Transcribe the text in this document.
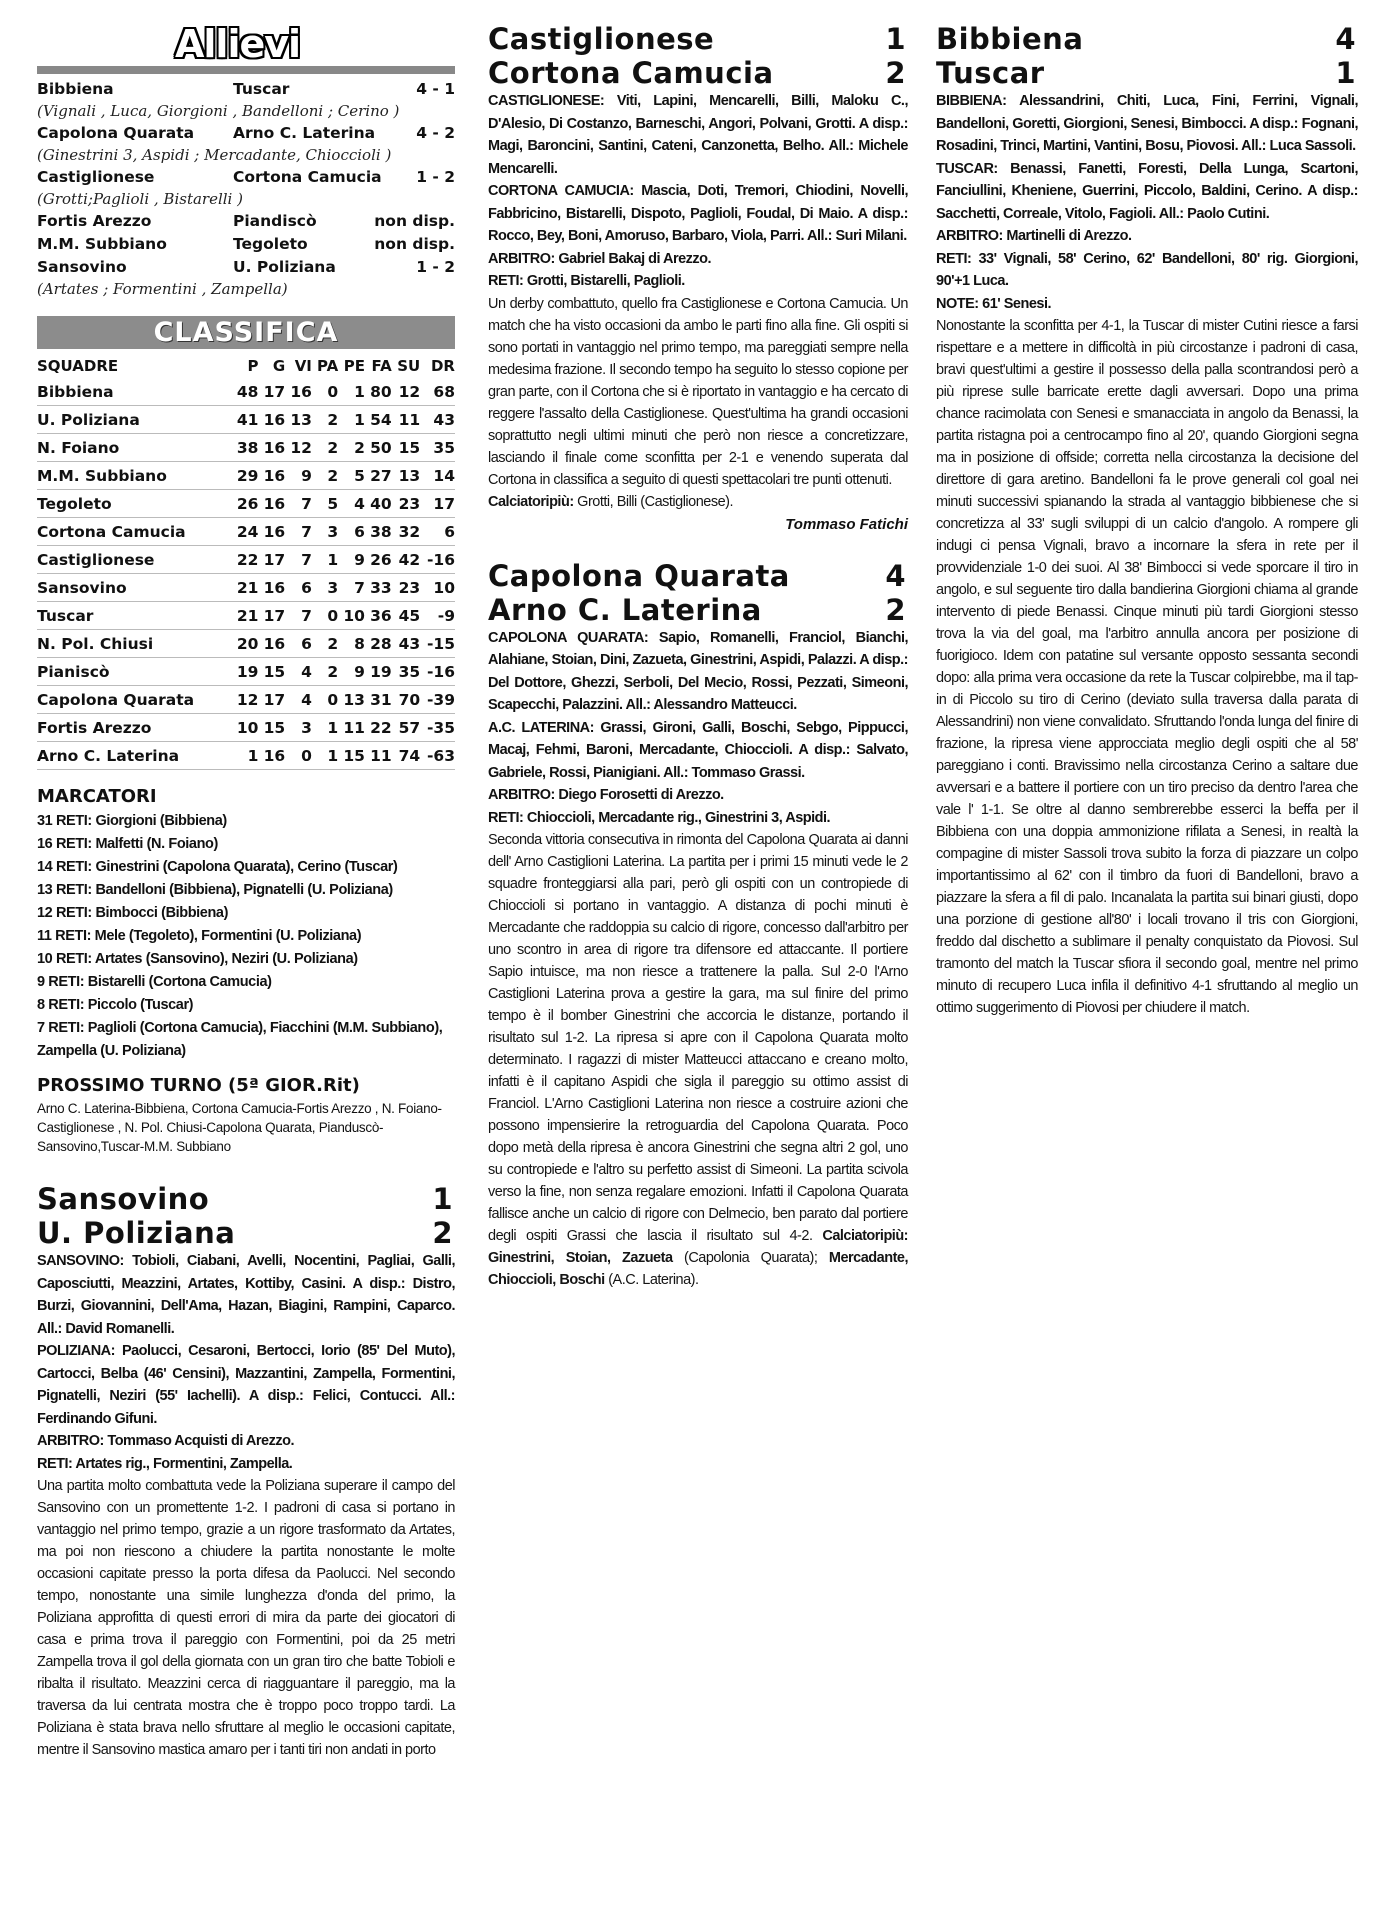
Allievi
Bibbiena	Tuscar	4 - 1
(Vignali , Luca, Giorgioni , Bandelloni ; Cerino )
Capolona Quarata	Arno C. Laterina	4 - 2
(Ginestrini 3, Aspidi ; Mercadante, Chioccioli )
Castiglionese	Cortona Camucia	1 - 2
(Grotti;Paglioli , Bistarelli )
Fortis Arezzo	Piandiscò	non disp.
M.M. Subbiano	Tegoleto	non disp.
Sansovino	U. Poliziana	1 - 2
(Artates ; Formentini , Zampella)
CLASSIFICA
SQUADRE	P	G	VI	PA	PE	FA	SU	DR
Bibbiena	48	17	16	0	1	80	12	68
U. Poliziana	41	16	13	2	1	54	11	43
N. Foiano	38	16	12	2	2	50	15	35
M.M. Subbiano	29	16	9	2	5	27	13	14
Tegoleto	26	16	7	5	4	40	23	17
Cortona Camucia	24	16	7	3	6	38	32	6
Castiglionese	22	17	7	1	9	26	42	-16
Sansovino	21	16	6	3	7	33	23	10
Tuscar	21	17	7	0	10	36	45	-9
N. Pol. Chiusi	20	16	6	2	8	28	43	-15
Pianiscò	19	15	4	2	9	19	35	-16
Capolona Quarata	12	17	4	0	13	31	70	-39
Fortis Arezzo	10	15	3	1	11	22	57	-35
Arno C. Laterina	1	16	0	1	15	11	74	-63
MARCATORI
31 RETI: Giorgioni (Bibbiena)
16 RETI: Malfetti (N. Foiano)
14 RETI: Ginestrini (Capolona Quarata), Cerino (Tuscar)
13 RETI: Bandelloni (Bibbiena), Pignatelli (U. Poliziana)
12 RETI: Bimbocci (Bibbiena)
11 RETI: Mele (Tegoleto), Formentini (U. Poliziana)
10 RETI: Artates (Sansovino), Neziri (U. Poliziana)
9 RETI: Bistarelli (Cortona Camucia)
8 RETI: Piccolo (Tuscar)
7 RETI: Paglioli (Cortona Camucia), Fiacchini (M.M. Subbiano), Zampella (U. Poliziana)
PROSSIMO TURNO (5ª GIOR.Rit)
Arno C. Laterina-Bibbiena, Cortona Camucia-Fortis Arezzo , N. Foiano-Castiglionese , N. Pol. Chiusi-Capolona Quarata, Pianduscò-Sansovino,Tuscar-M.M. Subbiano
Sansovino	1
U. Poliziana	2
SANSOVINO: Tobioli, Ciabani, Avelli, Nocentini, Pagliai, Galli, Caposciutti, Meazzini, Artates, Kottiby, Casini. A disp.: Distro, Burzi, Giovannini, Dell'Ama, Hazan, Biagini, Rampini, Caparco. All.: David Romanelli.
POLIZIANA: Paolucci, Cesaroni, Bertocci, Iorio (85' Del Muto), Cartocci, Belba (46' Censini), Mazzantini, Zampella, Formentini, Pignatelli, Neziri (55' Iachelli). A disp.: Felici, Contucci. All.: Ferdinando Gifuni.
ARBITRO: Tommaso Acquisti di Arezzo.
RETI: Artates rig., Formentini, Zampella.
Una partita molto combattuta vede la Poliziana superare il campo del Sansovino con un promettente 1-2. I padroni di casa si portano in vantaggio nel primo tempo, grazie a un rigore trasformato da Artates, ma poi non riescono a chiudere la partita nonostante le molte occasioni capitate presso la porta difesa da Paolucci. Nel secondo tempo, nonostante una simile lunghezza d'onda del primo, la Poliziana approfitta di questi errori di mira da parte dei giocatori di casa e prima trova il pareggio con Formentini, poi da 25 metri Zampella trova il gol della giornata con un gran tiro che batte Tobioli e ribalta il risultato. Meazzini cerca di riagguantare il pareggio, ma la traversa da lui centrata mostra che è troppo poco troppo tardi. La Poliziana è stata brava nello sfruttare al meglio le occasioni capitate, mentre il Sansovino mastica amaro per i tanti tiri non andati in porto
Castiglionese	1
Cortona Camucia	2
CASTIGLIONESE: Viti, Lapini, Mencarelli, Billi, Maloku C., D'Alesio, Di Costanzo, Barneschi, Angori, Polvani, Grotti. A disp.: Magi, Baroncini, Santini, Cateni, Canzonetta, Belho. All.: Michele Mencarelli.
CORTONA CAMUCIA: Mascia, Doti, Tremori, Chiodini, Novelli, Fabbricino, Bistarelli, Dispoto, Paglioli, Foudal, Di Maio. A disp.: Rocco, Bey, Boni, Amoruso, Barbaro, Viola, Parri. All.: Suri Milani.
ARBITRO: Gabriel Bakaj di Arezzo.
RETI: Grotti, Bistarelli, Paglioli.
Un derby combattuto, quello fra Castiglionese e Cortona Camucia. Un match che ha visto occasioni da ambo le parti fino alla fine. Gli ospiti si sono portati in vantaggio nel primo tempo, ma pareggiati sempre nella medesima frazione. Il secondo tempo ha seguito lo stesso copione per gran parte, con il Cortona che si è riportato in vantaggio e ha cercato di reggere l'assalto della Castiglionese. Quest'ultima ha grandi occasioni soprattutto negli ultimi minuti che però non riesce a concretizzare, lasciando il finale come sconfitta per 2-1 e venendo superata dal Cortona in classifica a seguito di questi spettacolari tre punti ottenuti.
Calciatoripiù: Grotti, Billi (Castiglionese).
Tommaso Fatichi
Capolona Quarata	4
Arno C. Laterina	2
CAPOLONA QUARATA: Sapio, Romanelli, Franciol, Bianchi, Alahiane, Stoian, Dini, Zazueta, Ginestrini, Aspidi, Palazzi. A disp.: Del Dottore, Ghezzi, Serboli, Del Mecio, Rossi, Pezzati, Simeoni, Scapecchi, Palazzini. All.: Alessandro Matteucci.
A.C. LATERINA: Grassi, Gironi, Galli, Boschi, Sebgo, Pippucci, Macaj, Fehmi, Baroni, Mercadante, Chioccioli. A disp.: Salvato, Gabriele, Rossi, Pianigiani. All.: Tommaso Grassi.
ARBITRO: Diego Forosetti di Arezzo.
RETI: Chioccioli, Mercadante rig., Ginestrini 3, Aspidi.
Seconda vittoria consecutiva in rimonta del Capolona Quarata ai danni dell' Arno Castiglioni Laterina. La partita per i primi 15 minuti vede le 2 squadre fronteggiarsi alla pari, però gli ospiti con un contropiede di Chioccioli si portano in vantaggio. A distanza di pochi minuti è Mercadante che raddoppia su calcio di rigore, concesso dall'arbitro per uno scontro in area di rigore tra difensore ed attaccante. Il portiere Sapio intuisce, ma non riesce a trattenere la palla. Sul 2-0 l'Arno Castiglioni Laterina prova a gestire la gara, ma sul finire del primo tempo è il bomber Ginestrini che accorcia le distanze, portando il risultato sul 1-2. La ripresa si apre con il Capolona Quarata molto determinato. I ragazzi di mister Matteucci attaccano e creano molto, infatti è il capitano Aspidi che sigla il pareggio su ottimo assist di Franciol. L'Arno Castiglioni Laterina non riesce a costruire azioni che possono impensierire la retroguardia del Capolona Quarata. Poco dopo metà della ripresa è ancora Ginestrini che segna altri 2 gol, uno su contropiede e l'altro su perfetto assist di Simeoni. La partita scivola verso la fine, non senza regalare emozioni. Infatti il Capolona Quarata fallisce anche un calcio di rigore con Delmecio, ben parato dal portiere degli ospiti Grassi che lascia il risultato sul 4-2. Calciatoripiù: Ginestrini, Stoian, Zazueta (Capolonia Quarata); Mercadante, Chioccioli, Boschi (A.C. Laterina).
Bibbiena	4
Tuscar	1
BIBBIENA: Alessandrini, Chiti, Luca, Fini, Ferrini, Vignali, Bandelloni, Goretti, Giorgioni, Senesi, Bimbocci. A disp.: Fognani, Rosadini, Trinci, Martini, Vantini, Bosu, Piovosi. All.: Luca Sassoli.
TUSCAR: Benassi, Fanetti, Foresti, Della Lunga, Scartoni, Fanciullini, Kheniene, Guerrini, Piccolo, Baldini, Cerino. A disp.: Sacchetti, Correale, Vitolo, Fagioli. All.: Paolo Cutini.
ARBITRO: Martinelli di Arezzo.
RETI: 33' Vignali, 58' Cerino, 62' Bandelloni, 80' rig. Giorgioni, 90'+1 Luca.
NOTE: 61' Senesi.
Nonostante la sconfitta per 4-1, la Tuscar di mister Cutini riesce a farsi rispettare e a mettere in difficoltà in più circostanze i padroni di casa, bravi quest'ultimi a gestire il possesso della palla scontrandosi però a più riprese sulle barricate erette dagli avversari. Dopo una prima chance racimolata con Senesi e smanacciata in angolo da Benassi, la partita ristagna poi a centrocampo fino al 20', quando Giorgioni segna ma in posizione di offside; corretta nella circostanza la decisione del direttore di gara aretino. Bandelloni fa le prove generali col goal nei minuti successivi spianando la strada al vantaggio bibbienese che si concretizza al 33' sugli sviluppi di un calcio d'angolo. A rompere gli indugi ci pensa Vignali, bravo a incornare la sfera in rete per il provvidenziale 1-0 dei suoi. Al 38' Bimbocci si vede sporcare il tiro in angolo, e sul seguente tiro dalla bandierina Giorgioni chiama al grande intervento di piede Benassi. Cinque minuti più tardi Giorgioni stesso trova la via del goal, ma l'arbitro annulla ancora per posizione di fuorigioco. Idem con patatine sul versante opposto sessanta secondi dopo: alla prima vera occasione da rete la Tuscar colpirebbe, ma il tap-in di Piccolo su tiro di Cerino (deviato sulla traversa dalla parata di Alessandrini) non viene convalidato. Sfruttando l'onda lunga del finire di frazione, la ripresa viene approcciata meglio degli ospiti che al 58' pareggiano i conti. Bravissimo nella circostanza Cerino a saltare due avversari e a battere il portiere con un tiro preciso da dentro l'area che vale l' 1-1. Se oltre al danno sembrerebbe esserci la beffa per il Bibbiena con una doppia ammonizione rifilata a Senesi, in realtà la compagine di mister Sassoli trova subito la forza di piazzare un colpo importantissimo al 62' con il timbro da fuori di Bandelloni, bravo a piazzare la sfera a fil di palo. Incanalata la partita sui binari giusti, dopo una porzione di gestione all'80' i locali trovano il tris con Giorgioni, freddo dal dischetto a sublimare il penalty conquistato da Piovosi. Sul tramonto del match la Tuscar sfiora il secondo goal, mentre nel primo minuto di recupero Luca infila il definitivo 4-1 sfruttando al meglio un ottimo suggerimento di Piovosi per chiudere il match.
